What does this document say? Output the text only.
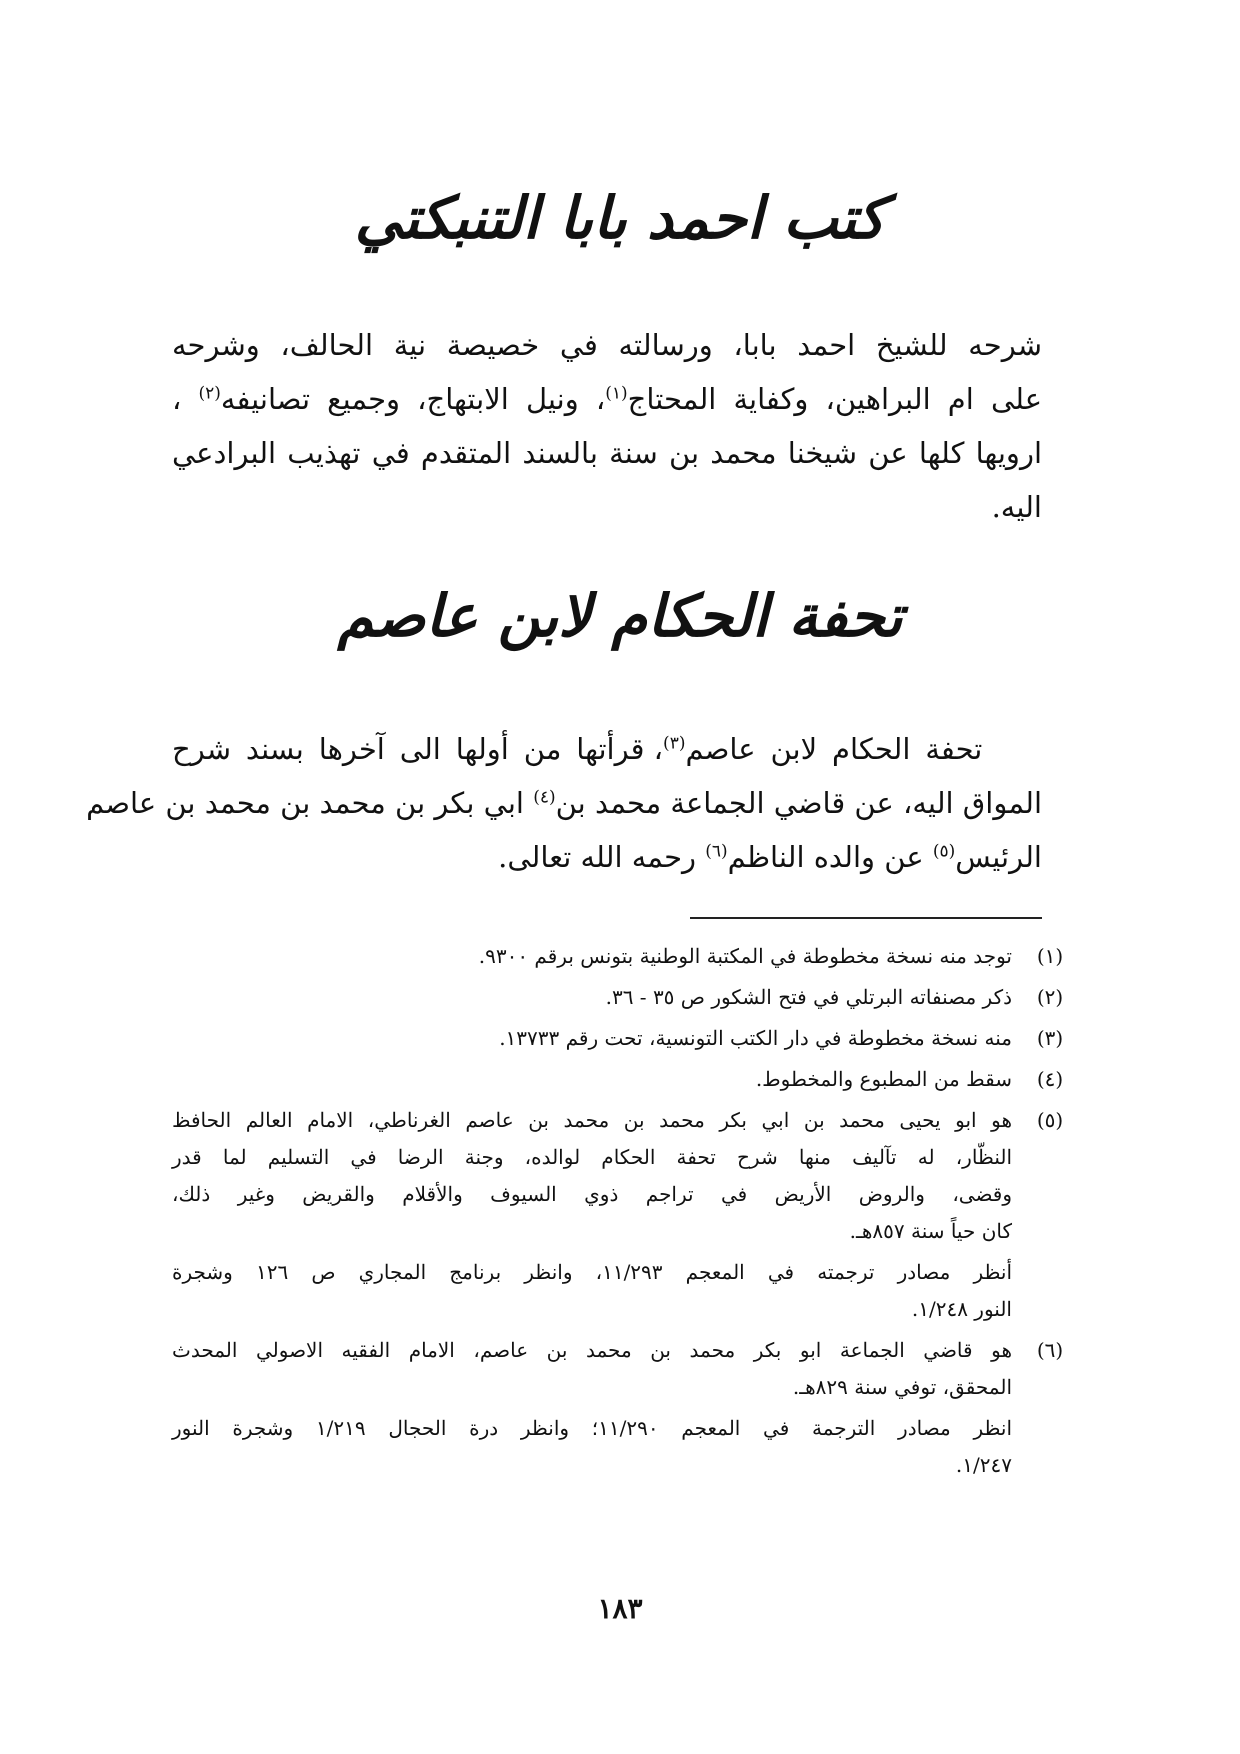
كتب احمد بابا التنبكتي

شرحه للشيخ احمد بابا، ورسالته في خصيصة نية الحالف، وشرحه
على ام البراهين، وكفاية المحتاج$^{(١)}$، ونيل الابتهاج، وجميع تصانيفه$^{(٢)}$ ،
ارويها كلها عن شيخنا محمد بن سنة بالسند المتقدم في تهذيب البرادعي
اليه.

تحفة الحكام لابن عاصم

تحفة الحكام لابن عاصم$^{(٣)}$، قرأتها من أولها الى آخرها بسند شرح
المواق اليه، عن قاضي الجماعة محمد بن$^{(٤)}$ ابي بكر بن محمد بن محمد بن عاصم
الرئيس$^{(٥)}$ عن والده الناظم$^{(٦)}$ رحمه الله تعالى.

(١)
توجد منه نسخة مخطوطة في المكتبة الوطنية بتونس برقم ٩٣٠٠.
(٢)
ذكر مصنفاته البرتلي في فتح الشكور ص ٣٥ - ٣٦.
(٣)
منه نسخة مخطوطة في دار الكتب التونسية، تحت رقم ١٣٧٣٣.
(٤)
سقط من المطبوع والمخطوط.
(٥)
هو ابو يحيى محمد بن ابي بكر محمد بن محمد بن عاصم الغرناطي، الامام العالم الحافظ
النظّار، له تآليف منها شرح تحفة الحكام لوالده، وجنة الرضا في التسليم لما قدر
وقضى، والروض الأريض في تراجم ذوي السيوف والأقلام والقريض وغير ذلك،
كان حياً سنة ٨٥٧هـ.
أنظر مصادر ترجمته في المعجم ١١/٢٩٣، وانظر برنامج المجاري ص ١٢٦ وشجرة
النور ١/٢٤٨.
(٦)
هو قاضي الجماعة ابو بكر محمد بن محمد بن عاصم، الامام الفقيه الاصولي المحدث
المحقق، توفي سنة ٨٢٩هـ.
انظر مصادر الترجمة في المعجم ١١/٢٩٠؛ وانظر درة الحجال ١/٢١٩ وشجرة النور
١/٢٤٧.

١٨٣
